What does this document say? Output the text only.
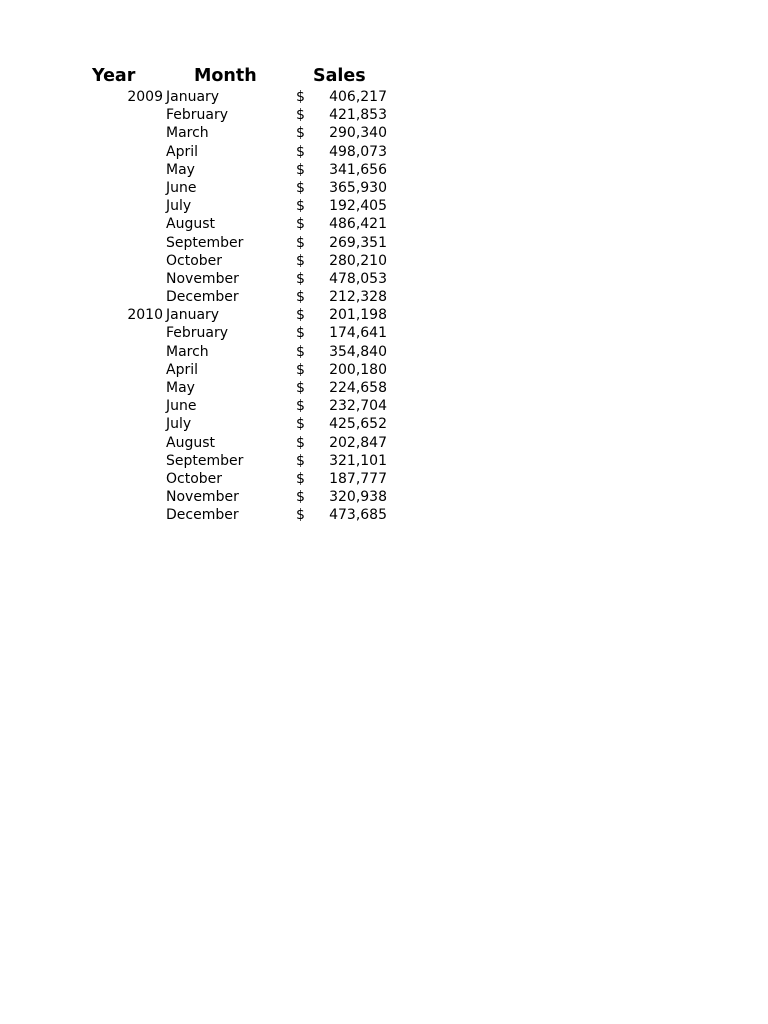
Year	Month	Sales
2009 January	$ 406,217
February	$ 421,853
March	$ 290,340
April	$ 498,073
May	$ 341,656
June	$ 365,930
July	$ 192,405
August	$ 486,421
September	$ 269,351
October	$ 280,210
November	$ 478,053
December	$ 212,328
2010 January	$ 201,198
February	$ 174,641
March	$ 354,840
April	$ 200,180
May	$ 224,658
June	$ 232,704
July	$ 425,652
August	$ 202,847
September	$ 321,101
October	$ 187,777
November	$ 320,938
December	$ 473,685
